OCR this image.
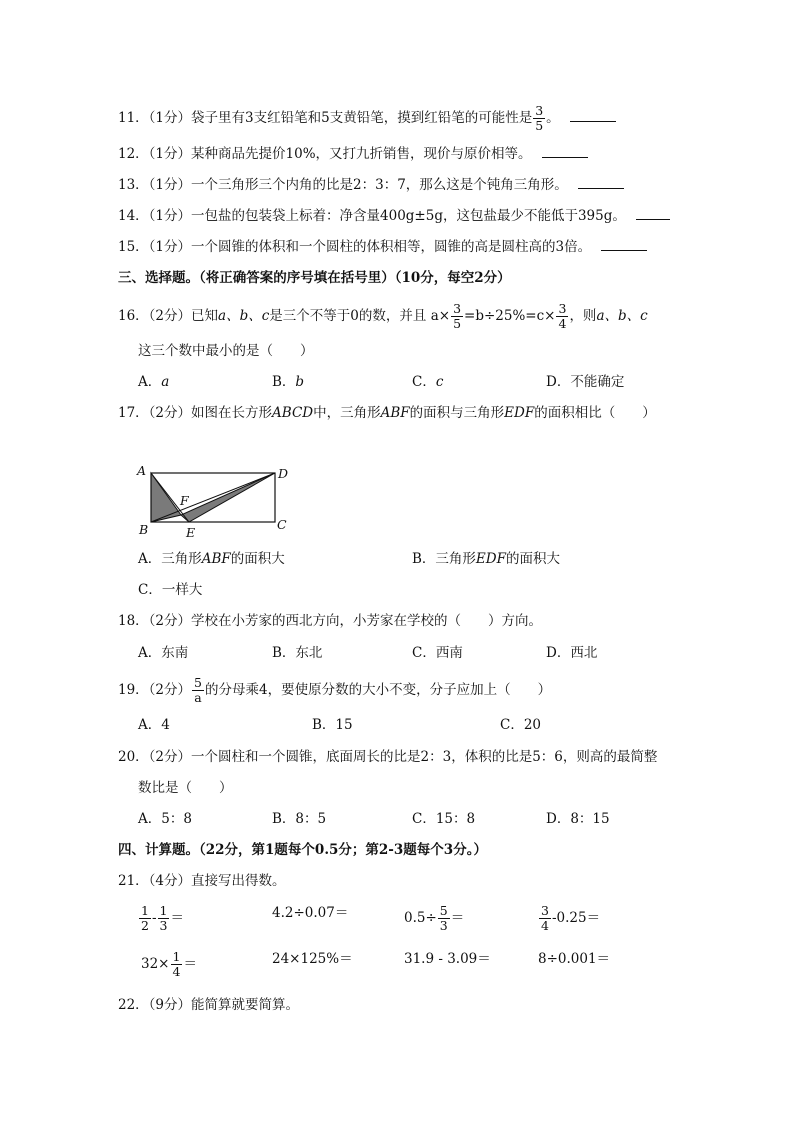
11．（1分）袋子里有3支红铅笔和5支黄铅笔，摸到红铅笔的可能性是 $\frac{3}{5}$ 。
12．（1分）某种商品先提价10%，又打九折销售，现价与原价相等。
13．（1分）一个三角形三个内角的比是2：3：7，那么这是个钝角三角形。
14．（1分）一包盐的包装袋上标着：净含量400g±5g，这包盐最少不能低于395g。
15．（1分）一个圆锥的体积和一个圆柱的体积相等，圆锥的高是圆柱高的3倍。
三、选择题。（将正确答案的序号填在括号里）（10分，每空2分）
16．（2分）已知a、b、c是三个不等于0的数，并且 $a\times \frac{3}{5} =b\div 25\%=c\times \frac{3}{4}$ ，则a、b、c
这三个数中最小的是（　　）
A．a	B．b	C．c	D．不能确定
17．（2分）如图在长方形ABCD中，三角形ABF的面积与三角形EDF的面积相比（　　）
A
B	C
D
E
F
A．三角形ABF的面积大	B．三角形EDF的面积大
C．一样大
18．（2分）学校在小芳家的西北方向，小芳家在学校的（　　）方向。
A．东南	B．东北	C．西南	D．西北
19．（2分） $\frac{5}{a}$ 的分母乘4，要使原分数的大小不变，分子应加上（　　）
A．4	B．15	C．20
20．（2分）一个圆柱和一个圆锥，底面周长的比是2：3，体积的比是5：6，则高的最简整
数比是（　　）
A．5：8	B．8：5	C．15：8	D．8：15
四、计算题。（22分，第1题每个0.5分；第2-3题每个3分。）
21．（4分）直接写出得数。
$\frac{1}{2} - \frac{1}{3}$ ＝	4.2÷0.07＝	$0.5\div \frac{5}{3}$ ＝	$\frac{3}{4} -0.25=$
$32\times \frac{1}{4}$ ＝	24×125%＝	31.9 - 3.09＝	8÷0.001＝
22．（9分）能简算就要简算。
